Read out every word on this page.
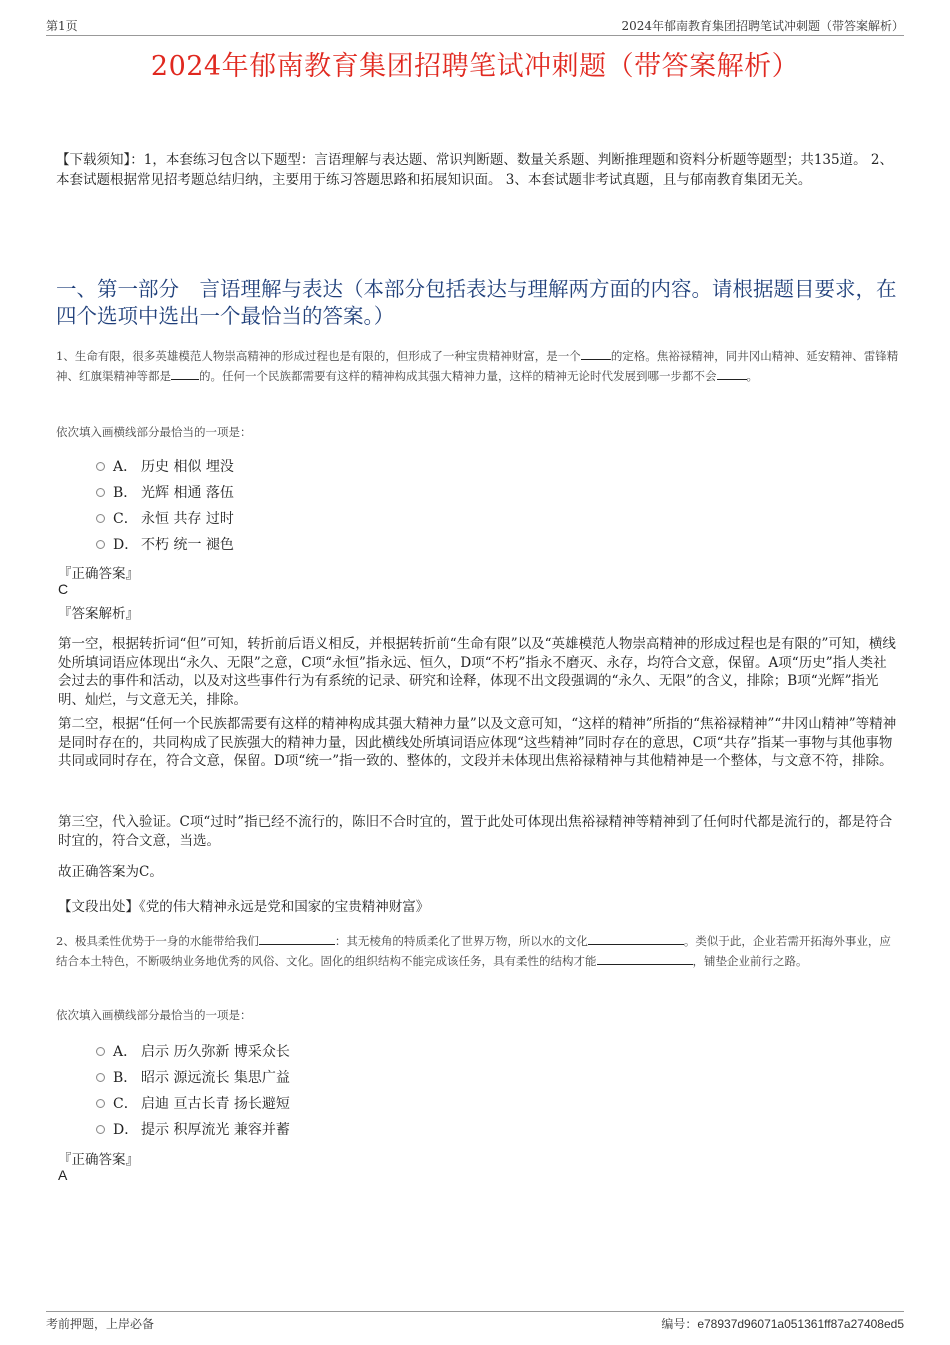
第1页	2024年郁南教育集团招聘笔试冲刺题（带答案解析）
2024年郁南教育集团招聘笔试冲刺题（带答案解析）
【下载须知】：1，本套练习包含以下题型：言语理解与表达题、常识判断题、数量关系题、判断推理题和资料分析题等题型；共135道。 2、本套试题根据常见招考题总结归纳，主要用于练习答题思路和拓展知识面。 3、本套试题非考试真题，且与郁南教育集团无关。
一、第一部分　言语理解与表达（本部分包括表达与理解两方面的内容。请根据题目要求，在四个选项中选出一个最恰当的答案。）
1、生命有限，很多英雄模范人物崇高精神的形成过程也是有限的，但形成了一种宝贵精神财富，是一个	的定格。焦裕禄精神，同井冈山精神、延安精神、雷锋精神、红旗渠精神等都是 的。任何一个民族都需要有这样的精神构成其强大精神力量，这样的精神无论时代发展到哪一步都不会	。
依次填入画横线部分最恰当的一项是：
A． 历史 相似 埋没
B． 光辉 相通 落伍
C． 永恒 共存 过时
D． 不朽 统一 褪色
『正确答案』
C
『答案解析』
第一空，根据转折词“但”可知，转折前后语义相反，并根据转折前“生命有限”以及“英雄模范人物崇高精神的形成过程也是有限的”可知，横线处所填词语应体现出“永久、无限”之意，C项“永恒”指永远、恒久，D项“不朽”指永不磨灭、永存，均符合文意，保留。A项“历史”指人类社会过去的事件和活动，以及对这些事件行为有系统的记录、研究和诠释，体现不出文段强调的“永久、无限”的含义，排除；B项“光辉”指光明、灿烂，与文意无关，排除。
第二空，根据“任何一个民族都需要有这样的精神构成其强大精神力量”以及文意可知，“这样的精神”所指的“焦裕禄精神”“井冈山精神”等精神是同时存在的，共同构成了民族强大的精神力量，因此横线处所填词语应体现“这些精神”同时存在的意思，C项“共存”指某一事物与其他事物共同或同时存在，符合文意，保留。D项“统一”指一致的、整体的，文段并未体现出焦裕禄精神与其他精神是一个整体，与文意不符，排除。
第三空，代入验证。C项“过时”指已经不流行的，陈旧不合时宜的，置于此处可体现出焦裕禄精神等精神到了任何时代都是流行的，都是符合时宜的，符合文意，当选。
故正确答案为C。
【文段出处】《党的伟大精神永远是党和国家的宝贵精神财富》
2、极具柔性优势于一身的水能带给我们	：其无棱角的特质柔化了世界万物，所以水的文化	。类似于此，企业若需开拓海外事业，应结合本土特色，不断吸纳业务地优秀的风俗、文化。固化的组织结构不能完成该任务，具有柔性的结构才能	，铺垫企业前行之路。
依次填入画横线部分最恰当的一项是：
A． 启示 历久弥新 博采众长
B． 昭示 源远流长 集思广益
C． 启迪 亘古长青 扬长避短
D． 提示 积厚流光 兼容并蓄
『正确答案』
A
考前押题，上岸必备	编号：e78937d96071a051361ff87a27408ed5
